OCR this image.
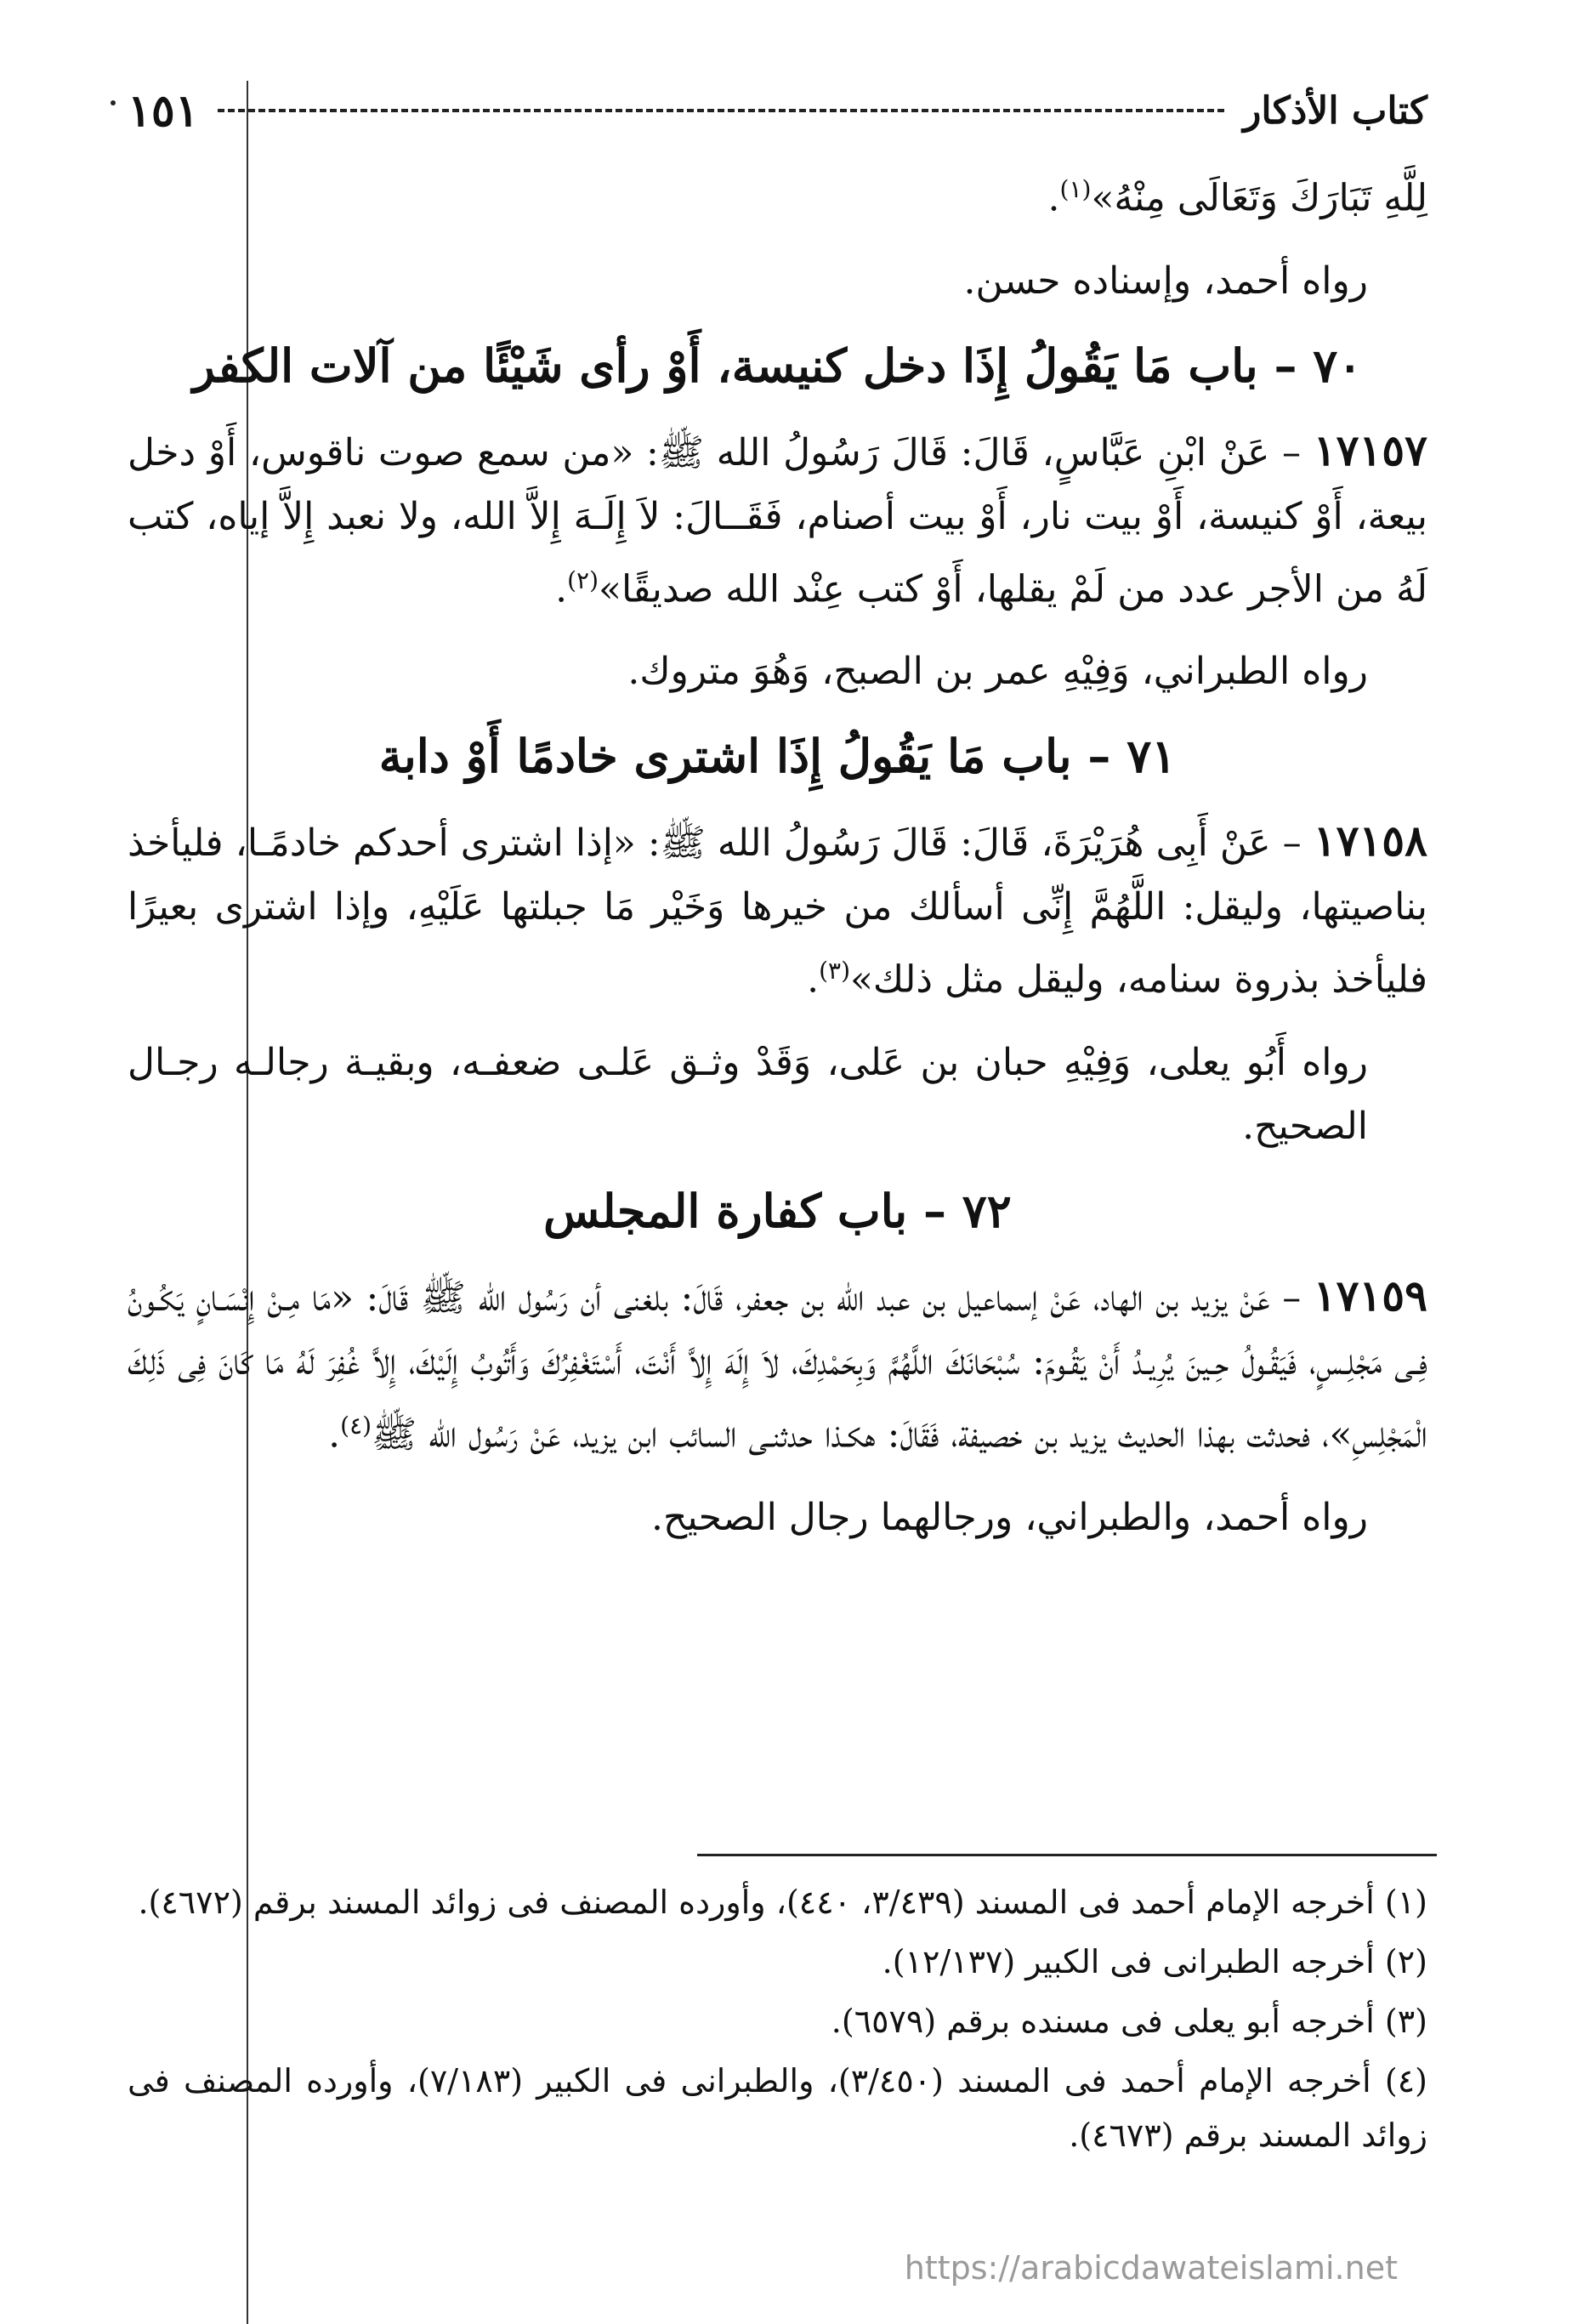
كتاب الأذكار
١٥١

لِلَّهِ تَبَارَكَ وَتَعَالَى مِنْهُ»$^{(١)}$.

رواه أحمد، وإسناده حسن.

٧٠ – باب مَا يَقُولُ إِذَا دخل كنيسة، أَوْ رأى شَيْئًا من آلات الكفر

١٧١٥٧ – عَنْ ابْنِ عَبَّاسٍ، قَالَ: قَالَ رَسُولُ الله ﷺ: «من سمع صوت ناقوس، أَوْ دخل بيعة، أَوْ كنيسة، أَوْ بيت نار، أَوْ بيت أصنام، فَقَــالَ: لاَ إِلَـهَ إِلاَّ الله، ولا نعبد إِلاَّ إياه، كتب لَهُ من الأجر عدد من لَمْ يقلها، أَوْ كتب عِنْد الله صديقًا»$^{(٢)}$.

رواه الطبراني، وَفِيْهِ عمر بن الصبح، وَهُوَ متروك.

٧١ – باب مَا يَقُولُ إِذَا اشترى خادمًا أَوْ دابة

١٧١٥٨ – عَنْ أَبِى هُرَيْرَةَ، قَالَ: قَالَ رَسُولُ الله ﷺ: «إذا اشترى أحدكم خادمًـا، فليأخذ بناصيتها، وليقل: اللَّهُمَّ إِنِّى أسألك من خيرها وَخَيْر مَا جبلتها عَلَيْهِ، وإذا اشترى بعيرًا فليأخذ بذروة سنامه، وليقل مثل ذلك»$^{(٣)}$.

رواه أَبُو يعلى، وَفِيْهِ حبان بن عَلى، وَقَدْ وثـق عَلـى ضعفـه، وبقيـة رجالـه رجـال الصحيح.

٧٢ – باب كفارة المجلس

١٧١٥٩ – عَنْ يزيد بن الهاد، عَنْ إسماعيل بن عبد الله بن جعفر، قَالَ: بلغنى أن رَسُول الله ﷺ قَالَ: «مَا مِـنْ إِنْسَـانٍ يَكُـونُ فِـى مَجْلِـسٍ، فَيَقُـولُ حِـينَ يُرِيـدُ أَنْ يَقُـومَ: سُبْحَانَكَ اللَّهُمَّ وَبِحَمْدِكَ، لاَ إِلَهَ إِلاَّ أَنْتَ، أَسْتَغْفِرُكَ وَأَتُوبُ إِلَيْكَ، إِلاَّ غُفِرَ لَهُ مَا كَانَ فِى ذَلِكَ الْمَجْلِسِ»، فحدثت بهذا الحديث يزيد بن خصيفة، فَقَالَ: هكـذا حدثنـى السائب ابن يزيد، عَنْ رَسُول الله ﷺ$^{(٤)}$.

رواه أحمد، والطبراني، ورجالهما رجال الصحيح.

(١) أخرجه الإمام أحمد فى المسند (٣/٤٣٩، ٤٤٠)، وأورده المصنف فى زوائد المسند برقم (٤٦٧٢).

(٢) أخرجه الطبرانى فى الكبير (١٢/١٣٧).

(٣) أخرجه أبو يعلى فى مسنده برقم (٦٥٧٩).

(٤) أخرجه الإمام أحمد فى المسند (٣/٤٥٠)، والطبرانى فى الكبير (٧/١٨٣)، وأورده المصنف فى زوائد المسند برقم (٤٦٧٣).

https://arabicdawateislami.net
